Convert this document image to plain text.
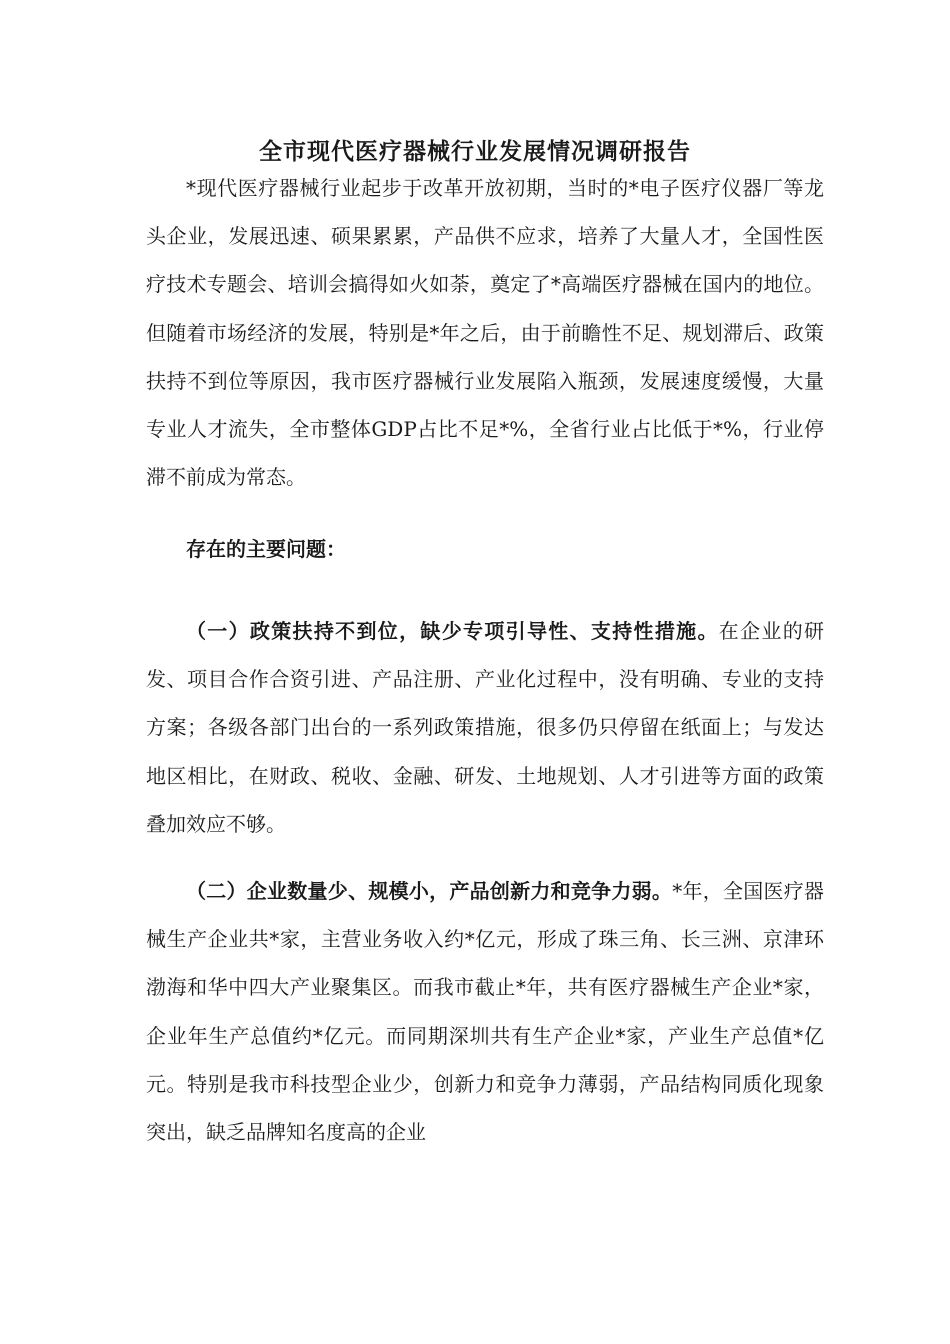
全市现代医疗器械行业发展情况调研报告

*现代医疗器械行业起步于改革开放初期，当时的*电子医疗仪器厂等龙头企业，发展迅速、硕果累累，产品供不应求，培养了大量人才，全国性医疗技术专题会、培训会搞得如火如荼，奠定了*高端医疗器械在国内的地位。但随着市场经济的发展，特别是*年之后，由于前瞻性不足、规划滞后、政策扶持不到位等原因，我市医疗器械行业发展陷入瓶颈，发展速度缓慢，大量专业人才流失，全市整体GDP占比不足*%，全省行业占比低于*%，行业停滞不前成为常态。

存在的主要问题：

（一）政策扶持不到位，缺少专项引导性、支持性措施。在企业的研发、项目合作合资引进、产品注册、产业化过程中，没有明确、专业的支持方案；各级各部门出台的一系列政策措施，很多仍只停留在纸面上；与发达地区相比，在财政、税收、金融、研发、土地规划、人才引进等方面的政策叠加效应不够。

（二）企业数量少、规模小，产品创新力和竞争力弱。*年，全国医疗器械生产企业共*家，主营业务收入约*亿元，形成了珠三角、长三洲、京津环渤海和华中四大产业聚集区。而我市截止*年，共有医疗器械生产企业*家，企业年生产总值约*亿元。而同期深圳共有生产企业*家，产业生产总值*亿元。特别是我市科技型企业少，创新力和竞争力薄弱，产品结构同质化现象突出，缺乏品牌知名度高的企业
